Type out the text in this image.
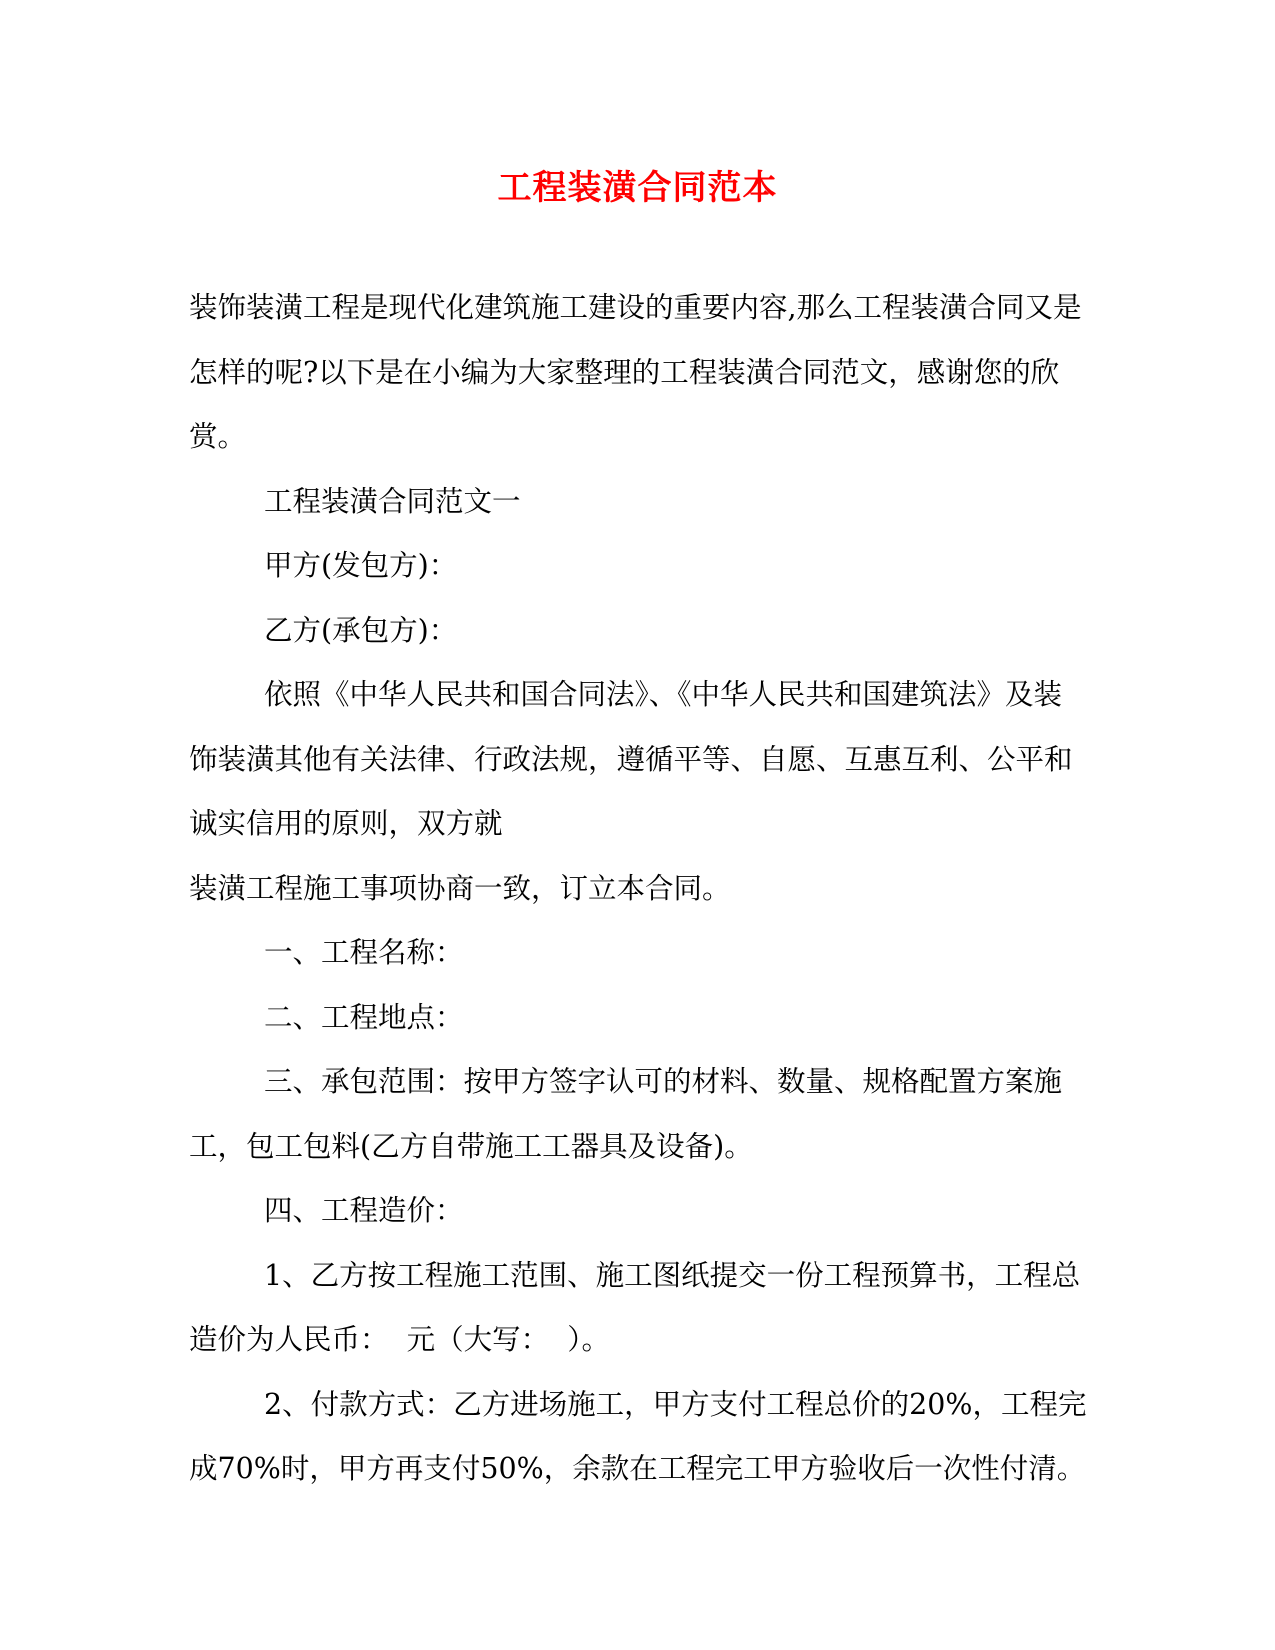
工程装潢合同范本

装饰装潢工程是现代化建筑施工建设的重要内容,那么工程装潢合同又是怎样的呢?以下是在小编为大家整理的工程装潢合同范文，感谢您的欣赏。

工程装潢合同范文一

甲方(发包方)：

乙方(承包方)：

依照《中华人民共和国合同法》、《中华人民共和国建筑法》及装饰装潢其他有关法律、行政法规，遵循平等、自愿、互惠互利、公平和诚实信用的原则，双方就

装潢工程施工事项协商一致，订立本合同。

一、工程名称：

二、工程地点：

三、承包范围：按甲方签字认可的材料、数量、规格配置方案施工，包工包料(乙方自带施工工器具及设备)。

四、工程造价：

1、乙方按工程施工范围、施工图纸提交一份工程预算书，工程总造价为人民币：  元（大写：  ）。

2、付款方式：乙方进场施工，甲方支付工程总价的20%，工程完成70%时，甲方再支付50%，余款在工程完工甲方验收后一次性付清。
